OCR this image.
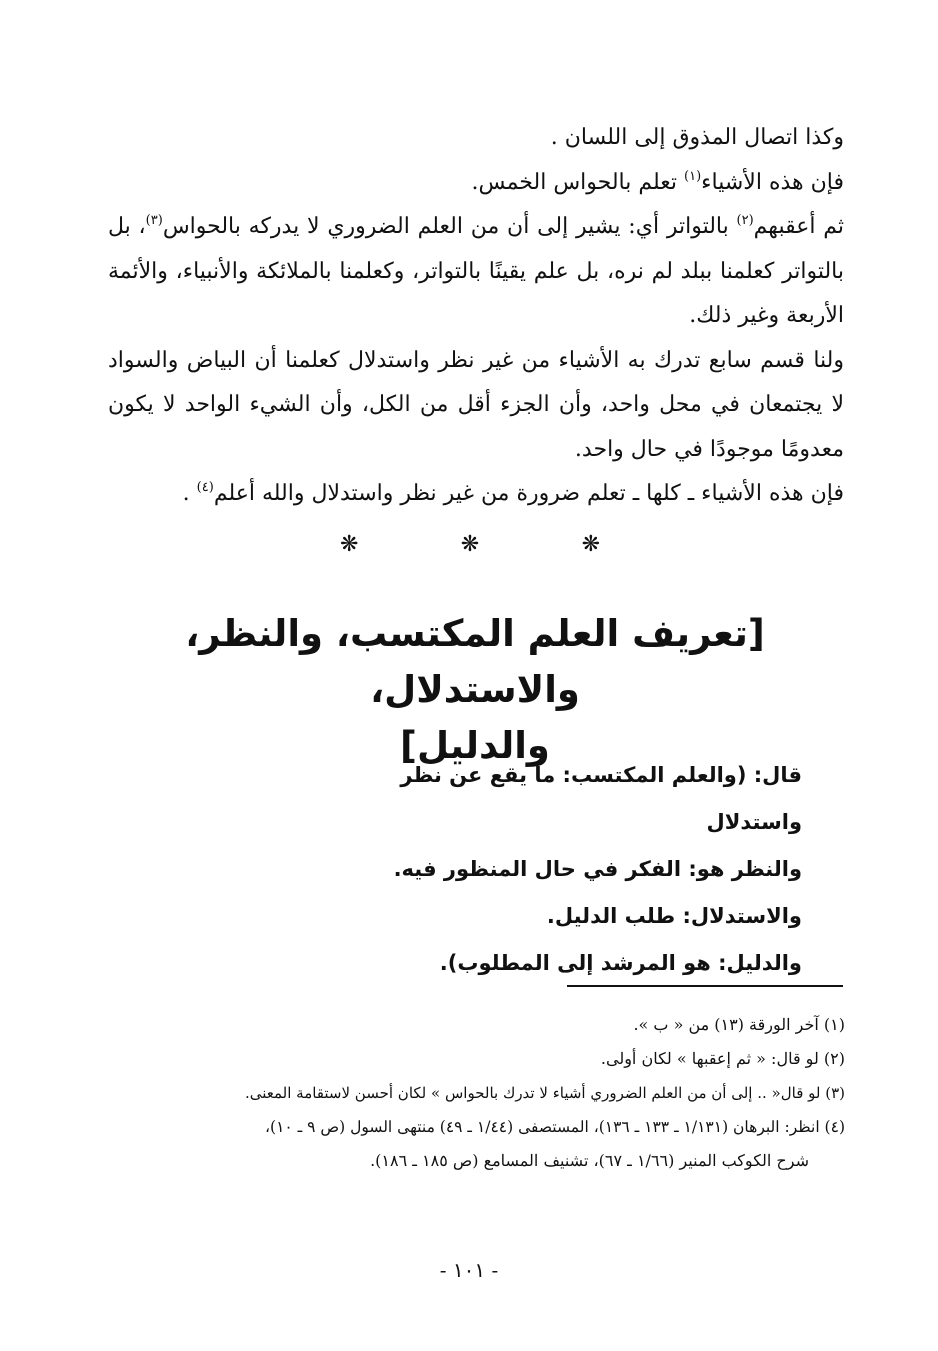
وكذا اتصال المذوق إلى اللسان .
فإن هذه الأشياء$^{(١)}$ تعلم بالحواس الخمس.
ثم أعقبهم$^{(٢)}$ بالتواتر أي: يشير إلى أن من العلم الضروري لا يدركه بالحواس$^{(٣)}$، بل بالتواتر كعلمنا ببلد لم نره، بل علم يقينًا بالتواتر، وكعلمنا بالملائكة والأنبياء، والأئمة الأربعة وغير ذلك.
ولنا قسم سابع تدرك به الأشياء من غير نظر واستدلال كعلمنا أن البياض والسواد لا يجتمعان في محل واحد، وأن الجزء أقل من الكل، وأن الشيء الواحد لا يكون معدومًا موجودًا في حال واحد.
فإن هذه الأشياء ـ كلها ـ تعلم ضرورة من غير نظر واستدلال والله أعلم$^{(٤)}$ .
❋	❋	❋
[تعريف العلم المكتسب، والنظر، والاستدلال،
والدليل]
قال: (والعلم المكتسب: ما يقع عن نظر واستدلال
والنظر هو: الفكر في حال المنظور فيه.
والاستدلال: طلب الدليل.
والدليل: هو المرشد إلى المطلوب).
(١) آخر الورقة (١٣) من « ب ».
(٢) لو قال: « ثم إعقبها » لكان أولى.
(٣) لو قال« .. إلى أن من العلم الضروري أشياء لا تدرك بالحواس » لكان أحسن لاستقامة المعنى.
(٤) انظر: البرهان (١/١٣١ ـ ١٣٣ ـ ١٣٦)، المستصفى (١/٤٤ ـ ٤٩) منتهى السول (ص ٩ ـ ١٠)،
شرح الكوكب المنير (١/٦٦ ـ ٦٧)، تشنيف المسامع (ص ١٨٥ ـ ١٨٦).
- ١٠١ -
